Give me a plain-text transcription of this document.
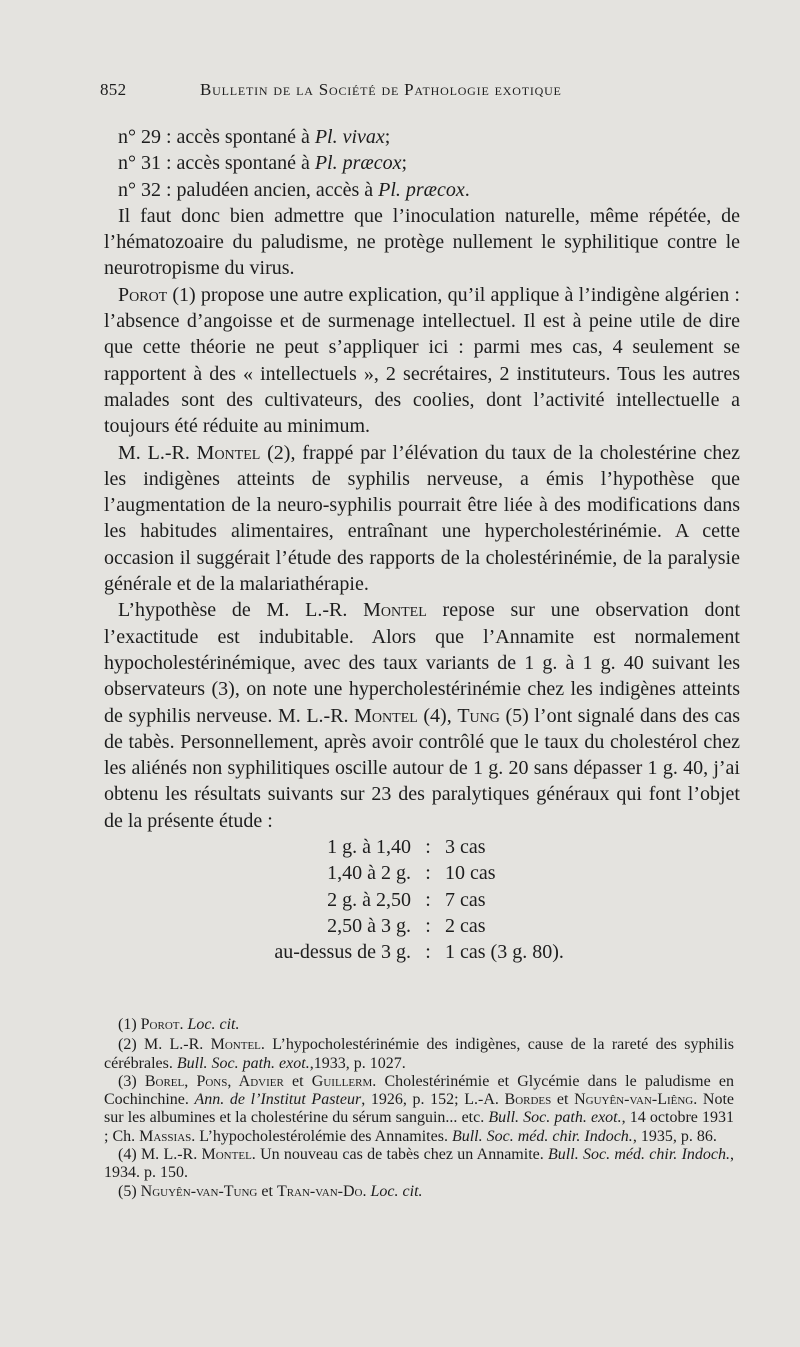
852	Bulletin de la Société de Pathologie exotique

n° 29 : accès spontané à Pl. vivax;

n° 31 : accès spontané à Pl. præcox;

n° 32 : paludéen ancien, accès à Pl. præcox.

Il faut donc bien admettre que l’inoculation naturelle, même répétée, de l’hématozoaire du paludisme, ne protège nullement le syphilitique contre le neurotropisme du virus.

Porot (1) propose une autre explication, qu’il applique à l’indigène algérien : l’absence d’angoisse et de surmenage intellectuel. Il est à peine utile de dire que cette théorie ne peut s’appliquer ici : parmi mes cas, 4 seulement se rapportent à des « intellectuels », 2 secrétaires, 2 instituteurs. Tous les autres malades sont des cultivateurs, des coolies, dont l’activité intellectuelle a toujours été réduite au minimum.

M. L.-R. Montel (2), frappé par l’élévation du taux de la cholestérine chez les indigènes atteints de syphilis nerveuse, a émis l’hypothèse que l’augmentation de la neuro-syphilis pourrait être liée à des modifications dans les habitudes alimentaires, entraînant une hypercholestérinémie. A cette occasion il suggérait l’étude des rapports de la cholestérinémie, de la paralysie générale et de la malariathérapie.

L’hypothèse de M. L.-R. Montel repose sur une observation dont l’exactitude est indubitable. Alors que l’Annamite est normalement hypocholestérinémique, avec des taux variants de 1 g. à 1 g. 40 suivant les observateurs (3), on note une hypercholestérinémie chez les indigènes atteints de syphilis nerveuse. M. L.-R. Montel (4), Tung (5) l’ont signalé dans des cas de tabès. Personnellement, après avoir contrôlé que le taux du cholestérol chez les aliénés non syphilitiques oscille autour de 1 g. 20 sans dépasser 1 g. 40, j’ai obtenu les résultats suivants sur 23 des paralytiques généraux qui font l’objet de la présente étude :

1 g. à 1,40 : 3 cas
1,40 à 2 g. : 10 cas
2 g. à 2,50 : 7 cas
2,50 à 3 g. : 2 cas
au-dessus de 3 g. : 1 cas (3 g. 80).

(1) Porot. Loc. cit.

(2) M. L.-R. Montel. L’hypocholestérinémie des indigènes, cause de la rareté des syphilis cérébrales. Bull. Soc. path. exot.,1933, p. 1027.

(3) Borel, Pons, Advier et Guillerm. Cholestérinémie et Glycémie dans le paludisme en Cochinchine. Ann. de l’Institut Pasteur, 1926, p. 152; L.-A. Bordes et Nguyên-van-Liêng. Note sur les albumines et la cholestérine du sérum sanguin... etc. Bull. Soc. path. exot., 14 octobre 1931 ; Ch. Massias. L’hypocholestérolémie des Annamites. Bull. Soc. méd. chir. Indoch., 1935, p. 86.

(4) M. L.-R. Montel. Un nouveau cas de tabès chez un Annamite. Bull. Soc. méd. chir. Indoch., 1934. p. 150.

(5) Nguyên-van-Tung et Tran-van-Do. Loc. cit.
